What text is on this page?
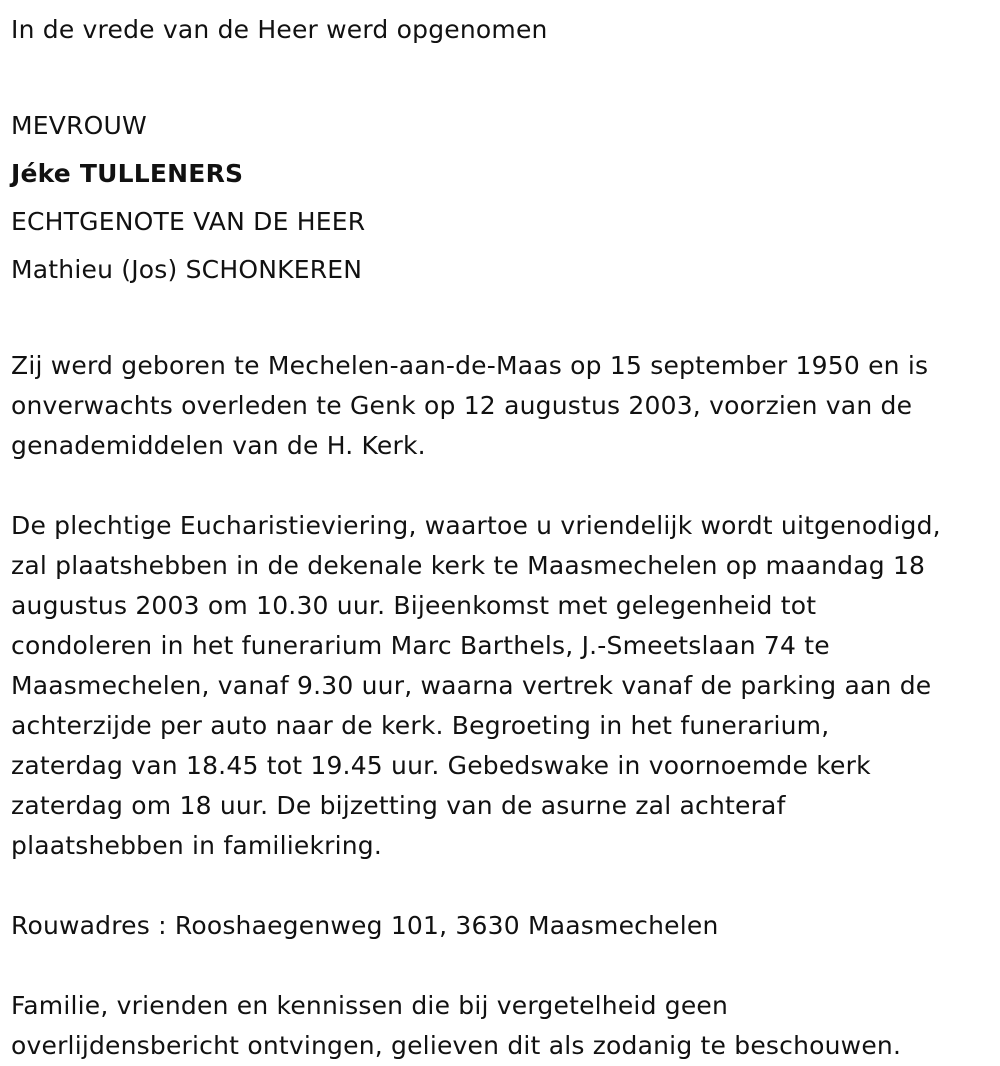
In de vrede van de Heer werd opgenomen
MEVROUW
Jéke TULLENERS
ECHTGENOTE VAN DE HEER
Mathieu (Jos) SCHONKEREN
Zij werd geboren te Mechelen-aan-de-Maas op 15 september 1950 en is
onverwachts overleden te Genk op 12 augustus 2003, voorzien van de
genademiddelen van de H. Kerk.
De plechtige Eucharistieviering, waartoe u vriendelijk wordt uitgenodigd,
zal plaatshebben in de dekenale kerk te Maasmechelen op maandag 18
augustus 2003 om 10.30 uur. Bijeenkomst met gelegenheid tot
condoleren in het funerarium Marc Barthels, J.-Smeetslaan 74 te
Maasmechelen, vanaf 9.30 uur, waarna vertrek vanaf de parking aan de
achterzijde per auto naar de kerk. Begroeting in het funerarium,
zaterdag van 18.45 tot 19.45 uur. Gebedswake in voornoemde kerk
zaterdag om 18 uur. De bijzetting van de asurne zal achteraf
plaatshebben in familiekring.
Rouwadres : Rooshaegenweg 101, 3630 Maasmechelen
Familie, vrienden en kennissen die bij vergetelheid geen
overlijdensbericht ontvingen, gelieven dit als zodanig te beschouwen.
